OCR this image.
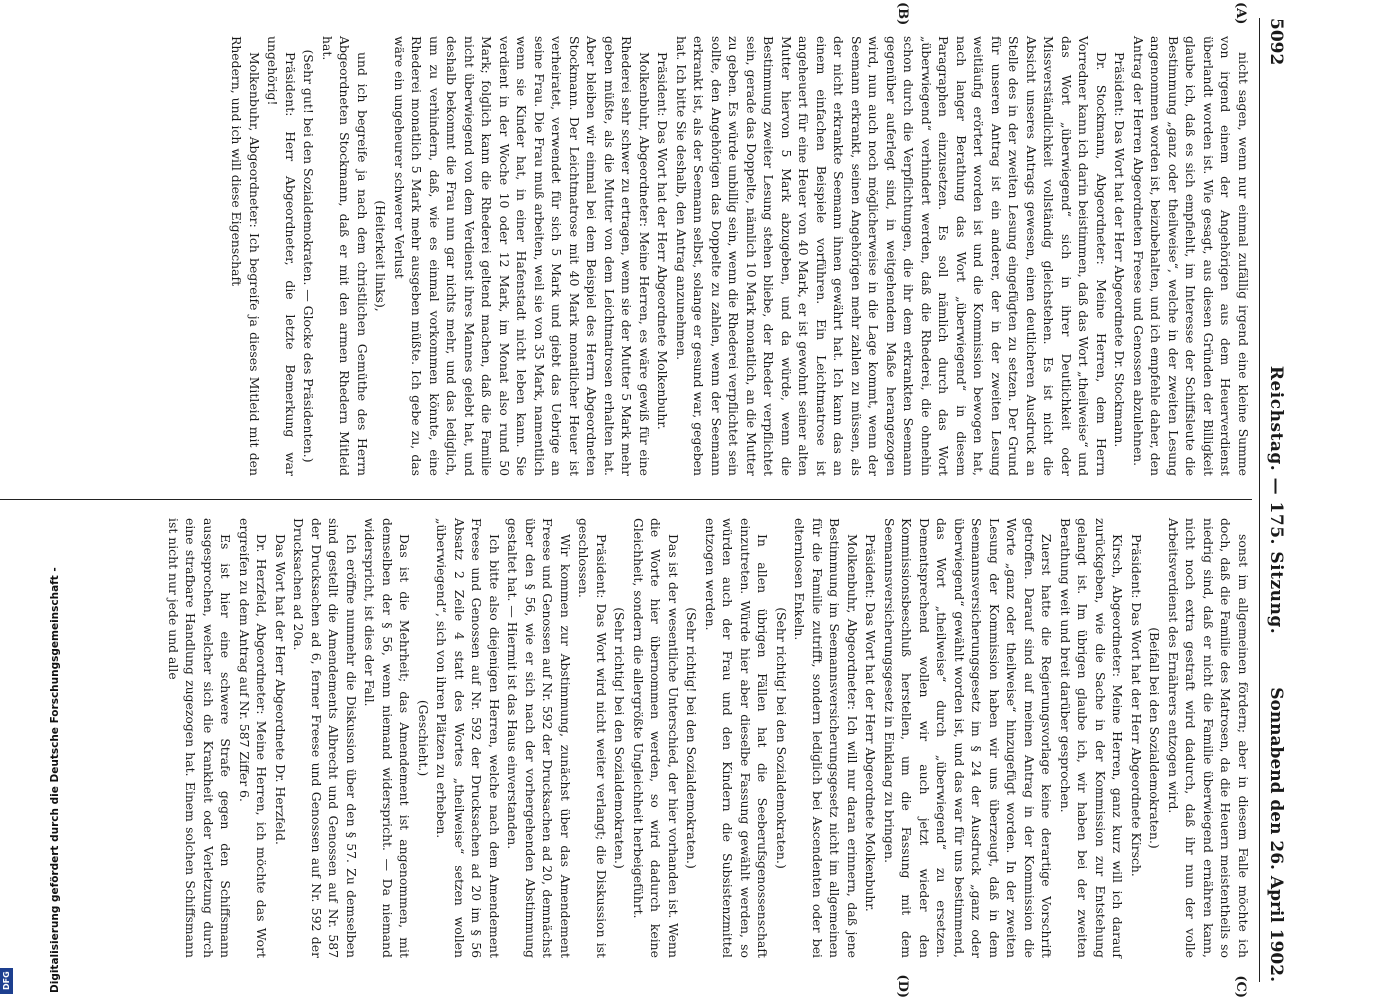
5092
Reichstag. — 175. Sitzung.
Sonnabend den 26. April 1902.
(A)
(B)
(C)
(D)

nicht sagen, wenn nur einmal zufällig irgend eine kleine Summe von irgend einem der Angehörigen aus dem Heuerverdienst überlandt worden ist. Wie gesagt, aus diesen Gründen der Billigkeit glaube ich, daß es sich empfiehlt, im Interesse der Schiffsleute die Bestimmung „ganz oder theilweise“, welche in der zweiten Lesung angenommen worden ist, beizubehalten, und ich empfehle daher, den Antrag der Herren Abgeordneten Freese und Genossen abzulehnen.

Präsident: Das Wort hat der Herr Abgeordnete Dr. Stockmann.

Dr. Stockmann, Abgeordneter: Meine Herren, dem Herrn Vorredner kann ich darin beistimmen, daß das Wort „theilweise“ und das Wort „überwiegend“ sich in ihrer Deutlichkeit oder Missverständlichkeit vollständig gleichstehen. Es ist nicht die Absicht unseres Antrags gewesen, einen deutlicheren Ausdruck an Stelle des in der zweiten Lesung eingefügten zu setzen. Der Grund für unseren Antrag ist ein anderer, der in der zweiten Lesung weitläufig erörtert worden ist und die Kommission bewogen hat, nach langer Berathung das Wort „überwiegend“ in diesem Paragraphen einzusetzen. Es soll nämlich durch das Wort „überwiegend“ verhindert werden, daß die Rhederei, die ohnehin schon durch die Verpflichtungen, die ihr dem erkrankten Seemann gegenüber auferlegt sind, in weitgehendem Maße herangezogen wird, nun auch noch möglicherweise in die Lage kommt, wenn der Seemann erkrankt, seinen Angehörigen mehr zahlen zu müssen, als der nicht erkrankte Seemann ihnen gewährt hat. Ich kann das an einem einfachen Beispiele vorführen. Ein Leichtmatrose ist angeheuert für eine Heuer von 40 Mark, er ist gewohnt seiner alten Mutter hiervon 5 Mark abzugeben, und da würde, wenn die Bestimmung zweiter Lesung stehen bliebe, der Rheder verpflichtet sein, gerade das Doppelte, nämlich 10 Mark monatlich, an die Mutter zu geben. Es würde unbillig sein, wenn die Rhederei verpflichtet sein sollte, den Angehörigen das Doppelte zu zahlen, wenn der Seemann erkrankt ist, als der Seemann selbst, solange er gesund war, gegeben hat. Ich bitte Sie deshalb, den Antrag anzunehmen.

Präsident: Das Wort hat der Herr Abgeordnete Molkenbuhr.

Molkenbuhr, Abgeordneter: Meine Herren, es wäre gewiß für eine Rhederei sehr schwer zu ertragen, wenn sie der Mutter 5 Mark mehr geben müßte, als die Mutter von dem Leichtmatrosen erhalten hat. Aber bleiben wir einmal bei dem Beispiel des Herrn Abgeordneten Stockmann. Der Leichtmatrose mit 40 Mark monatlicher Heuer ist verheiratet, verwendet für sich 5 Mark und giebt das Uebrige an seine Frau. Die Frau muß arbeiten, weil sie von 35 Mark, namentlich wenn sie Kinder hat, in einer Hafenstadt nicht leben kann. Sie verdient in der Woche 10 oder 12 Mark, im Monat also rund 50 Mark; folglich kann die Rhederei geltend machen, daß die Familie nicht überwiegend von dem Verdienst ihres Mannes gelebt hat, und deshalb bekommt die Frau nun gar nichts mehr, und das lediglich, um zu verhindern, daß, wie es einmal vorkommen könnte, eine Rhederei monatlich 5 Mark mehr ausgeben müßte. Ich gebe zu, das wäre ein ungeheurer schwerer Verlust

(Heiterkeit links),

und ich begreife ja nach dem christlichen Gemüthe des Herrn Abgeordneten Stockmann, daß er mit den armen Rhedern Mitleid hat.

(Sehr gut! bei den Sozialdemokraten. — Glocke des Präsidenten.)

Präsident: Herr Abgeordneter, die letzte Bemerkung war ungehörig!

Molkenbuhr, Abgeordneter: Ich begreife ja dieses Mitleid mit den Rhedern, und ich will diese Eigenschaft

sonst im allgemeinen fördern; aber in diesem Falle möchte ich doch, daß die Familie des Matrosen, da die Heuern meistentheils so niedrig sind, daß er nicht die Familie überwiegend ernähren kann, nicht noch extra gestraft wird dadurch, daß ihr nun der volle Arbeitsverdienst des Ernährers entzogen wird.

(Beifall bei den Sozialdemokraten.)

Präsident: Das Wort hat der Herr Abgeordnete Kirsch.

Kirsch, Abgeordneter: Meine Herren, ganz kurz will ich darauf zurückgeben, wie die Sache in der Kommission zur Entstehung gelangt ist. Im übrigen glaube ich, wir haben bei der zweiten Berathung weit und breit darüber gesprochen.

Zuerst hatte die Regierungsvorlage keine derartige Vorschrift getroffen. Darauf sind auf meinen Antrag in der Kommission die Worte „ganz oder theilweise“ hinzugefügt worden. In der zweiten Lesung der Kommission haben wir uns überzeugt, daß in dem Seemannsversicherungsgesetz im § 24 der Ausdruck „ganz oder überwiegend“ gewählt worden ist, und das war für uns bestimmend, das Wort „theilweise“ durch „überwiegend“ zu ersetzen. Dementsprechend wollen wir auch jetzt wieder den Kommissionsbeschluß herstellen, um die Fassung mit dem Seemannsversicherungsgesetz in Einklang zu bringen.

Präsident: Das Wort hat der Herr Abgeordnete Molkenbuhr.

Molkenbuhr, Abgeordneter: Ich will nur daran erinnern, daß jene Bestimmung im Seemannsversicherungsgesetz nicht im allgemeinen für die Familie zutrifft, sondern lediglich bei Ascendenten oder bei elternlosen Enkeln.

(Sehr richtig! bei den Sozialdemokraten.)

In allen übrigen Fällen hat die Seeberufsgenossenschaft einzutreten. Würde hier aber dieselbe Fassung gewählt werden, so würden auch der Frau und den Kindern die Subsistenzmittel entzogen werden.

(Sehr richtig! bei den Sozialdemokraten.)

Das ist der wesentliche Unterschied, der hier vorhanden ist. Wenn die Worte hier übernommen werden, so wird dadurch keine Gleichheit, sondern die allergrößte Ungleichheit herbeigeführt.

(Sehr richtig! bei den Sozialdemokraten.)

Präsident: Das Wort wird nicht weiter verlangt; die Diskussion ist geschlossen.

Wir kommen zur Abstimmung, zunächst über das Amendement Freese und Genossen auf Nr. 592 der Drucksachen ad 20, demnächst über den § 56, wie er sich nach der vorhergehenden Abstimmung gestaltet hat. — Hiermit ist das Haus einverstanden.

Ich bitte also diejenigen Herren, welche nach dem Amendement Freese und Genossen auf Nr. 592 der Drucksachen ad 20 im § 56 Absatz 2 Zeile 4 statt des Wortes „theilweise“ setzen wollen „überwiegend“, sich von ihren Plätzen zu erheben.

(Geschieht.)

Das ist die Mehrheit; das Amendement ist angenommen, mit demselben der § 56, wenn niemand widerspricht. — Da niemand widerspricht, ist dies der Fall.

Ich eröffne nunmehr die Diskussion über den § 57. Zu demselben sind gestellt die Amendements Albrecht und Genossen auf Nr. 587 der Drucksachen ad 6, ferner Freese und Genossen auf Nr. 592 der Drucksachen ad 20a.

Das Wort hat der Herr Abgeordnete Dr. Herzfeld.

Dr. Herzfeld, Abgeordneter: Meine Herren, ich möchte das Wort ergreifen zu dem Antrag auf Nr. 587 Ziffer 6.

Es ist hier eine schwere Strafe gegen den Schiffsmann ausgesprochen, welcher sich die Krankheit oder Verletzung durch eine strafbare Handlung zugezogen hat. Einem solchen Schiffsmann ist nicht nur jede und alle

Digitalisierung gefördert durch die Deutsche Forschungsgemeinschaft -
DFG
